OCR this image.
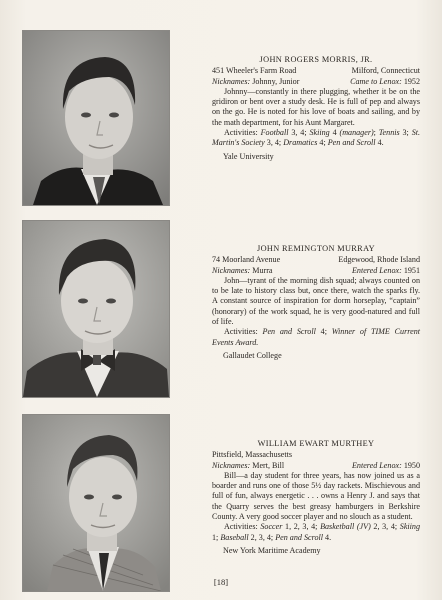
JOHN ROGERS MORRIS, JR.
451 Wheeler's Farm Road	Milford, Connecticut
Nicknames: Johnny, Junior	Came to Lenox: 1952

Johnny—constantly in there plugging, whether it be on the gridiron or bent over a study desk. He is full of pep and always on the go. He is noted for his love of boats and sailing, and by the math department, for his Aunt Margaret.

Activities: Football 3, 4; Skiing 4 (manager); Tennis 3; St. Martin's Society 3, 4; Dramatics 4; Pen and Scroll 4.

Yale University
JOHN REMINGTON MURRAY
74 Moorland Avenue	Edgewood, Rhode Island
Nicknames: Murra	Entered Lenox: 1951

John—tyrant of the morning dish squad; always counted on to be late to history class but, once there, watch the sparks fly. A constant source of inspiration for dorm horseplay, “captain” (honorary) of the work squad, he is very good-natured and full of life.

Activities: Pen and Scroll 4; Winner of TIME Current Events Award.

Gallaudet College
WILLIAM EWART MURTHEY
Pittsfield, Massachusetts
Nicknames: Mert, Bill	Entered Lenox: 1950

Bill—a day student for three years, has now joined us as a boarder and runs one of those 5½ day rackets. Mischievous and full of fun, always energetic . . . owns a Henry J. and says that the Quarry serves the best greasy hamburgers in Berkshire County. A very good soccer player and no slouch as a student.

Activities: Soccer 1, 2, 3, 4; Basketball (JV) 2, 3, 4; Skiing 1; Baseball 2, 3, 4; Pen and Scroll 4.

New York Maritime Academy
[18]
